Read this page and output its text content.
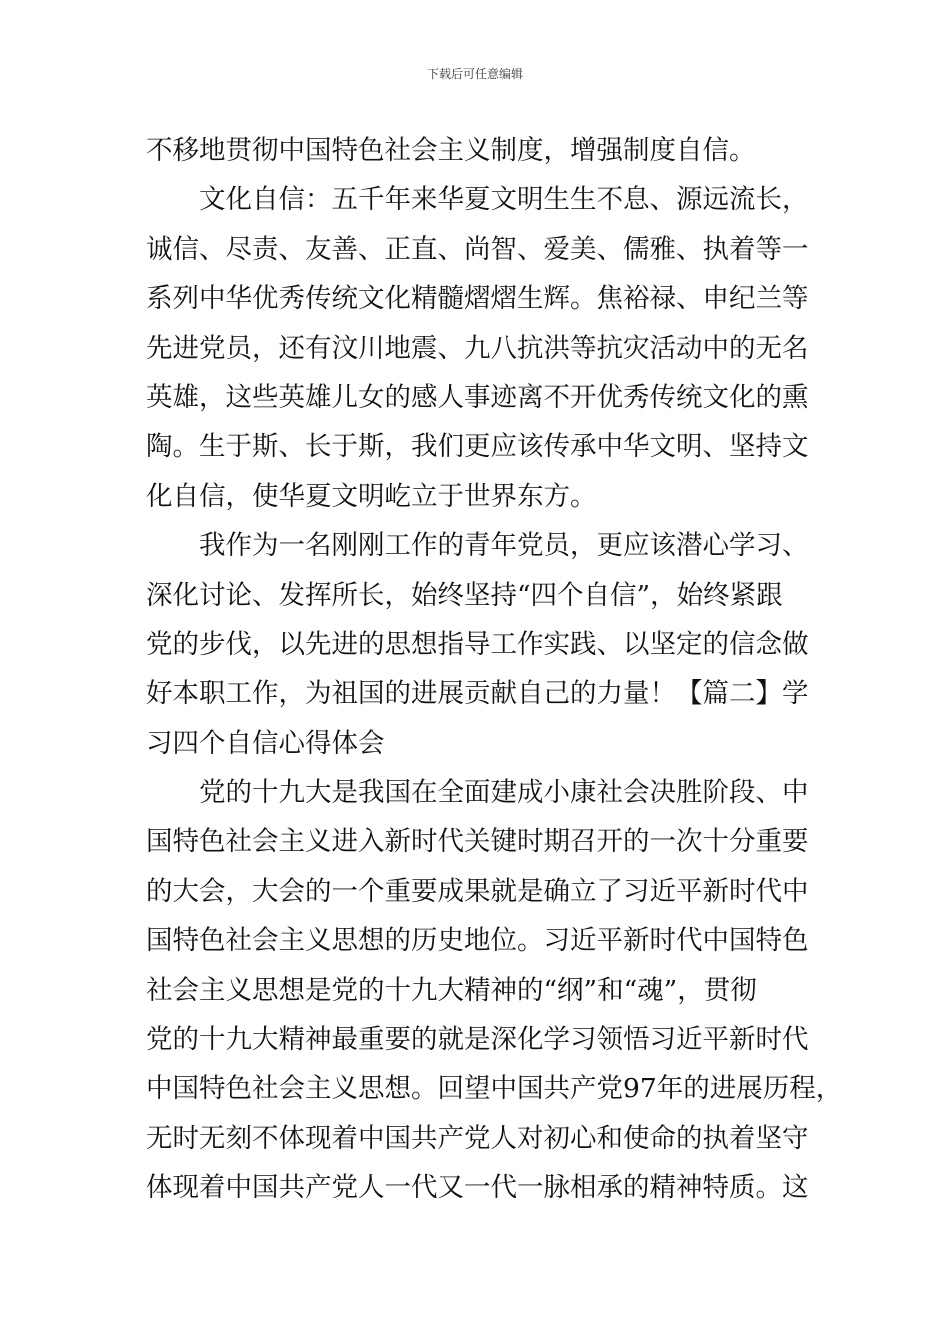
下载后可任意编辑
不移地贯彻中国特色社会主义制度，增强制度自信。
文化自信：五千年来华夏文明生生不息、源远流长，
诚信、尽责、友善、正直、尚智、爱美、儒雅、执着等一
系列中华优秀传统文化精髓熠熠生辉。焦裕禄、申纪兰等
先进党员，还有汶川地震、九八抗洪等抗灾活动中的无名
英雄，这些英雄儿女的感人事迹离不开优秀传统文化的熏
陶。生于斯、长于斯，我们更应该传承中华文明、坚持文
化自信，使华夏文明屹立于世界东方。
我作为一名刚刚工作的青年党员，更应该潜心学习、
深化讨论、发挥所长，始终坚持“四个自信”，始终紧跟
党的步伐，以先进的思想指导工作实践、以坚定的信念做
好本职工作，为祖国的进展贡献自己的力量！【篇二】学
习四个自信心得体会
党的十九大是我国在全面建成小康社会决胜阶段、中
国特色社会主义进入新时代关键时期召开的一次十分重要
的大会，大会的一个重要成果就是确立了习近平新时代中
国特色社会主义思想的历史地位。习近平新时代中国特色
社会主义思想是党的十九大精神的“纲”和“魂”，贯彻
党的十九大精神最重要的就是深化学习领悟习近平新时代
中国特色社会主义思想。回望中国共产党97年的进展历程，
无时无刻不体现着中国共产党人对初心和使命的执着坚守
体现着中国共产党人一代又一代一脉相承的精神特质。这
